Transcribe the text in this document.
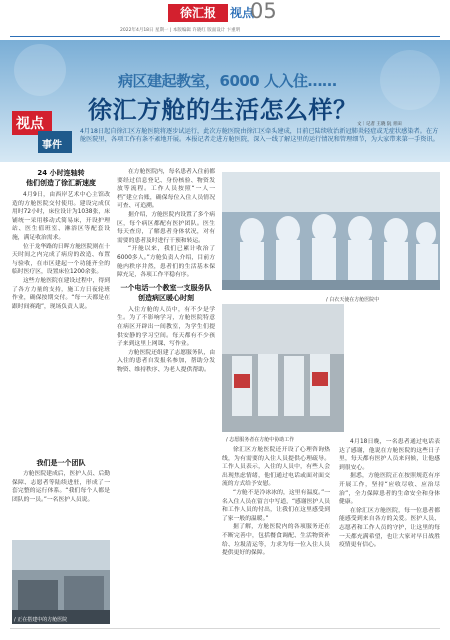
徐汇报	视点
05
2022年4月18日 星期一 | 本版编辑 许晓红 版面设计 卞重明
病区建起教室，6000 人入住……
徐汇方舱的生活怎么样？
文｜记者 王晓 阮 青田
视点
事件
4月18日起自徐汇区方舱医院将逐步试运行，此次方舱医院由徐汇区牵头建成，目前已陆续收治新冠肺炎轻症或无症状感染者。在方舱医院里，各项工作有条不紊地开展。本报记者走进方舱医院，深入一线了解这里的运行情况和管理细节，为大家带来第一手资讯。
24 小时连轴转
他们创造了徐汇新速度

4月9日，由西岸艺术中心主馆改造的方舱医院交付使用。建设完成仅用时72小时，床位设计为1038张，床铺统一采用移动式简易床，开设护理站、医生值班室、淋浴区等配套设施，满足收治需求。

位于龙华路的日晖方舱医院则在十天时间之内完成了病房的改造、布置与验收，在市区建起一个功能齐全的临时医疗区，设置床位1200余张。

这些方舱医院在建设过程中，得到了各方力量的支持，施工方日夜轮班作业，确保按期交付。“每一天都是在跟时间赛跑”，现场负责人说。

我们是一个团队

方舱医院建成后，医护人员、后勤保障、志愿者等陆续进驻，形成了一套完整的运行体系。“我们每个人都是团队的一员。”一名医护人员说。

/ 正在搭建中的方舱医院

在方舱医院内，每名患者入住前都要经过信息登记、身份核验、物资发放等流程。工作人员按照“一人一档”建立台账，确保每位入住人员情况可查、可追溯。

据介绍，方舱医院内设置了多个病区，每个病区都配有医护团队。医生每天查房，了解患者身体状况，对有需要的患者及时进行干预和转运。

“开舱以来，我们已累计收治了6000多人。”方舱负责人介绍，目前方舱内秩序井然，患者们的生活基本保障充足，各项工作平稳有序。

一个电话一个教室一支服务队
创造病区暖心时刻

入住方舱的人员中，有不少是学生。为了不影响学习，方舱医院特意在病区开辟出一间教室，为学生们提供安静的学习空间。每天都有不少孩子来到这里上网课、写作业。

方舱医院还组建了志愿服务队，由入住的患者自发报名参加，帮助分发物资、维持秩序、为老人提供帮助。

/ 白衣天使在方舱医院中
/ 志愿服务者在方舱中协助工作

徐汇区方舱医院还开设了心理咨询热线，为有需要的入住人员提供心理疏导。工作人员表示，入住的人员中，有些人会出现焦虑情绪，他们通过电话或面对面交流的方式给予安慰。

“方舱不是冷冰冰的，这里有温度。”一名入住人员在留言中写道，“感谢医护人员和工作人员的付出，让我们在这里感受到了家一般的温暖。”

据了解，方舱医院内的各项服务还在不断完善中，包括餐食调配、生活物资补给、垃圾清运等，力求为每一位入住人员提供更好的保障。

4月18日晚，一名患者通过电话表达了感谢，他说在方舱医院的这些日子里，每天都有医护人员来问候，让他感到很安心。

据悉，方舱医院正在按照规范有序开展工作，坚持“应收尽收、应治尽治”，全力保障患者的生命安全和身体健康。

在徐汇区方舱医院，每一位患者都能感受到来自各方的关爱。医护人员、志愿者和工作人员的守护，让这里的每一天都充满希望，也让大家对早日战胜疫情更有信心。
